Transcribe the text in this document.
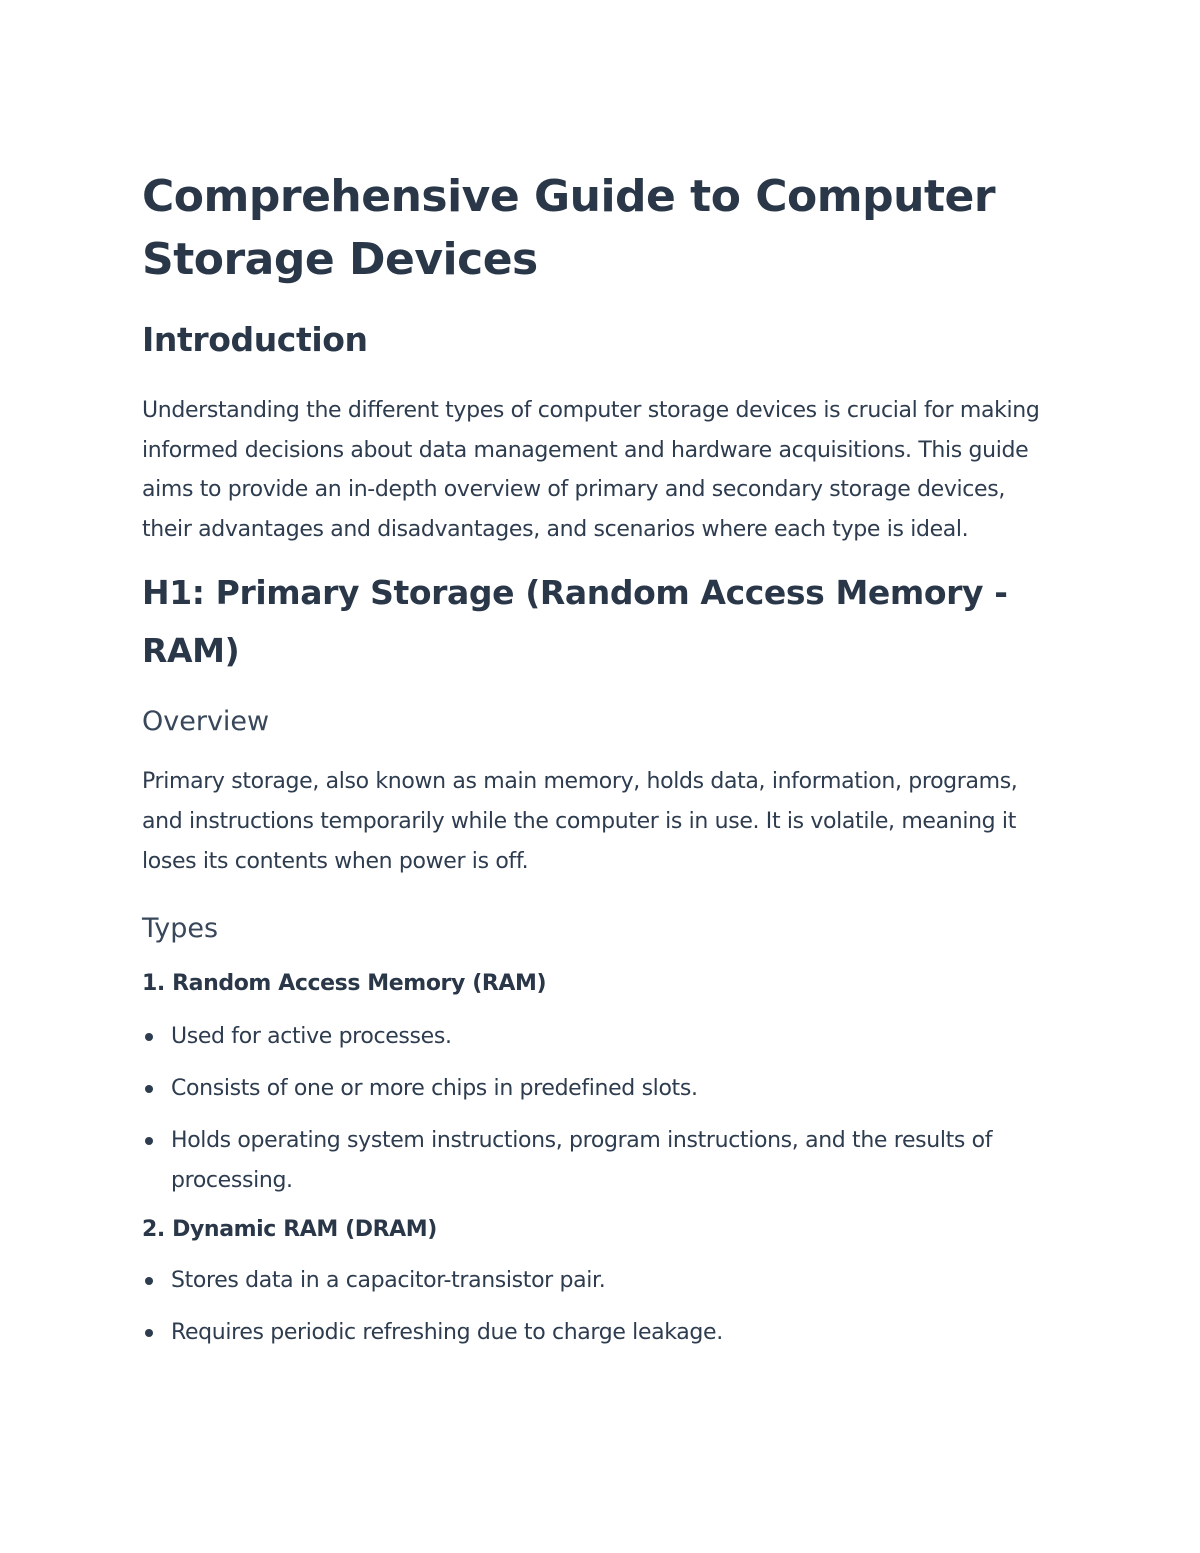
Comprehensive Guide to Computer Storage Devices
Introduction

Understanding the different types of computer storage devices is crucial for making informed decisions about data management and hardware acquisitions. This guide aims to provide an in-depth overview of primary and secondary storage devices, their advantages and disadvantages, and scenarios where each type is ideal.

H1: Primary Storage (Random Access Memory - RAM)
Overview

Primary storage, also known as main memory, holds data, information, programs, and instructions temporarily while the computer is in use. It is volatile, meaning it loses its contents when power is off.

Types
1. Random Access Memory (RAM)
Used for active processes.
Consists of one or more chips in predefined slots.
Holds operating system instructions, program instructions, and the results of processing.
2. Dynamic RAM (DRAM)
Stores data in a capacitor-transistor pair.
Requires periodic refreshing due to charge leakage.
